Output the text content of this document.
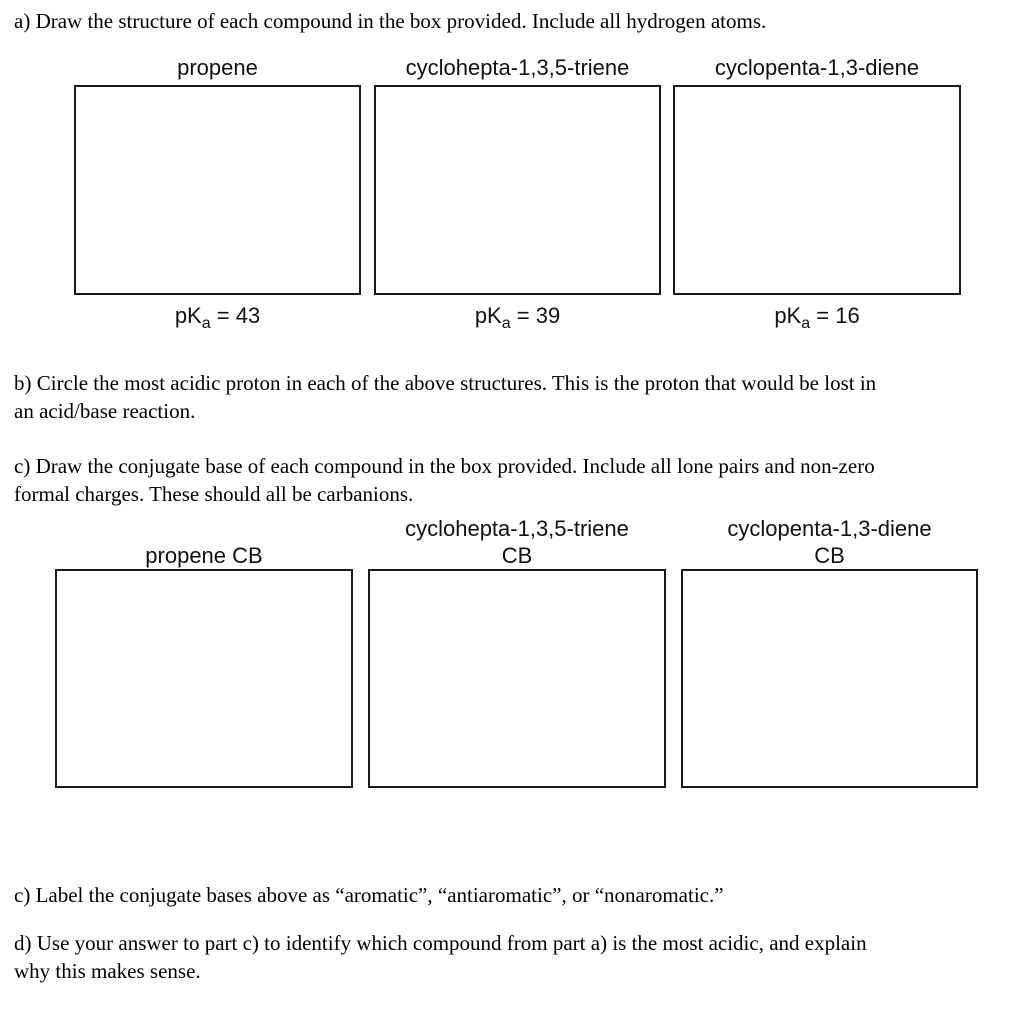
a) Draw the structure of each compound in the box provided. Include all hydrogen atoms.
propene
$pK_a = 43$
cyclohepta-1,3,5-triene
$pK_a = 39$
cyclopenta-1,3-diene
$pK_a = 16$
b) Circle the most acidic proton in each of the above structures. This is the proton that would be lost in
an acid/base reaction.
c) Draw the conjugate base of each compound in the box provided. Include all lone pairs and non-zero
formal charges. These should all be carbanions.
propene CB
cyclohepta-1,3,5-triene
CB
cyclopenta-1,3-diene
CB
c) Label the conjugate bases above as “aromatic”, “antiaromatic”, or “nonaromatic.”
d) Use your answer to part c) to identify which compound from part a) is the most acidic, and explain
why this makes sense.
